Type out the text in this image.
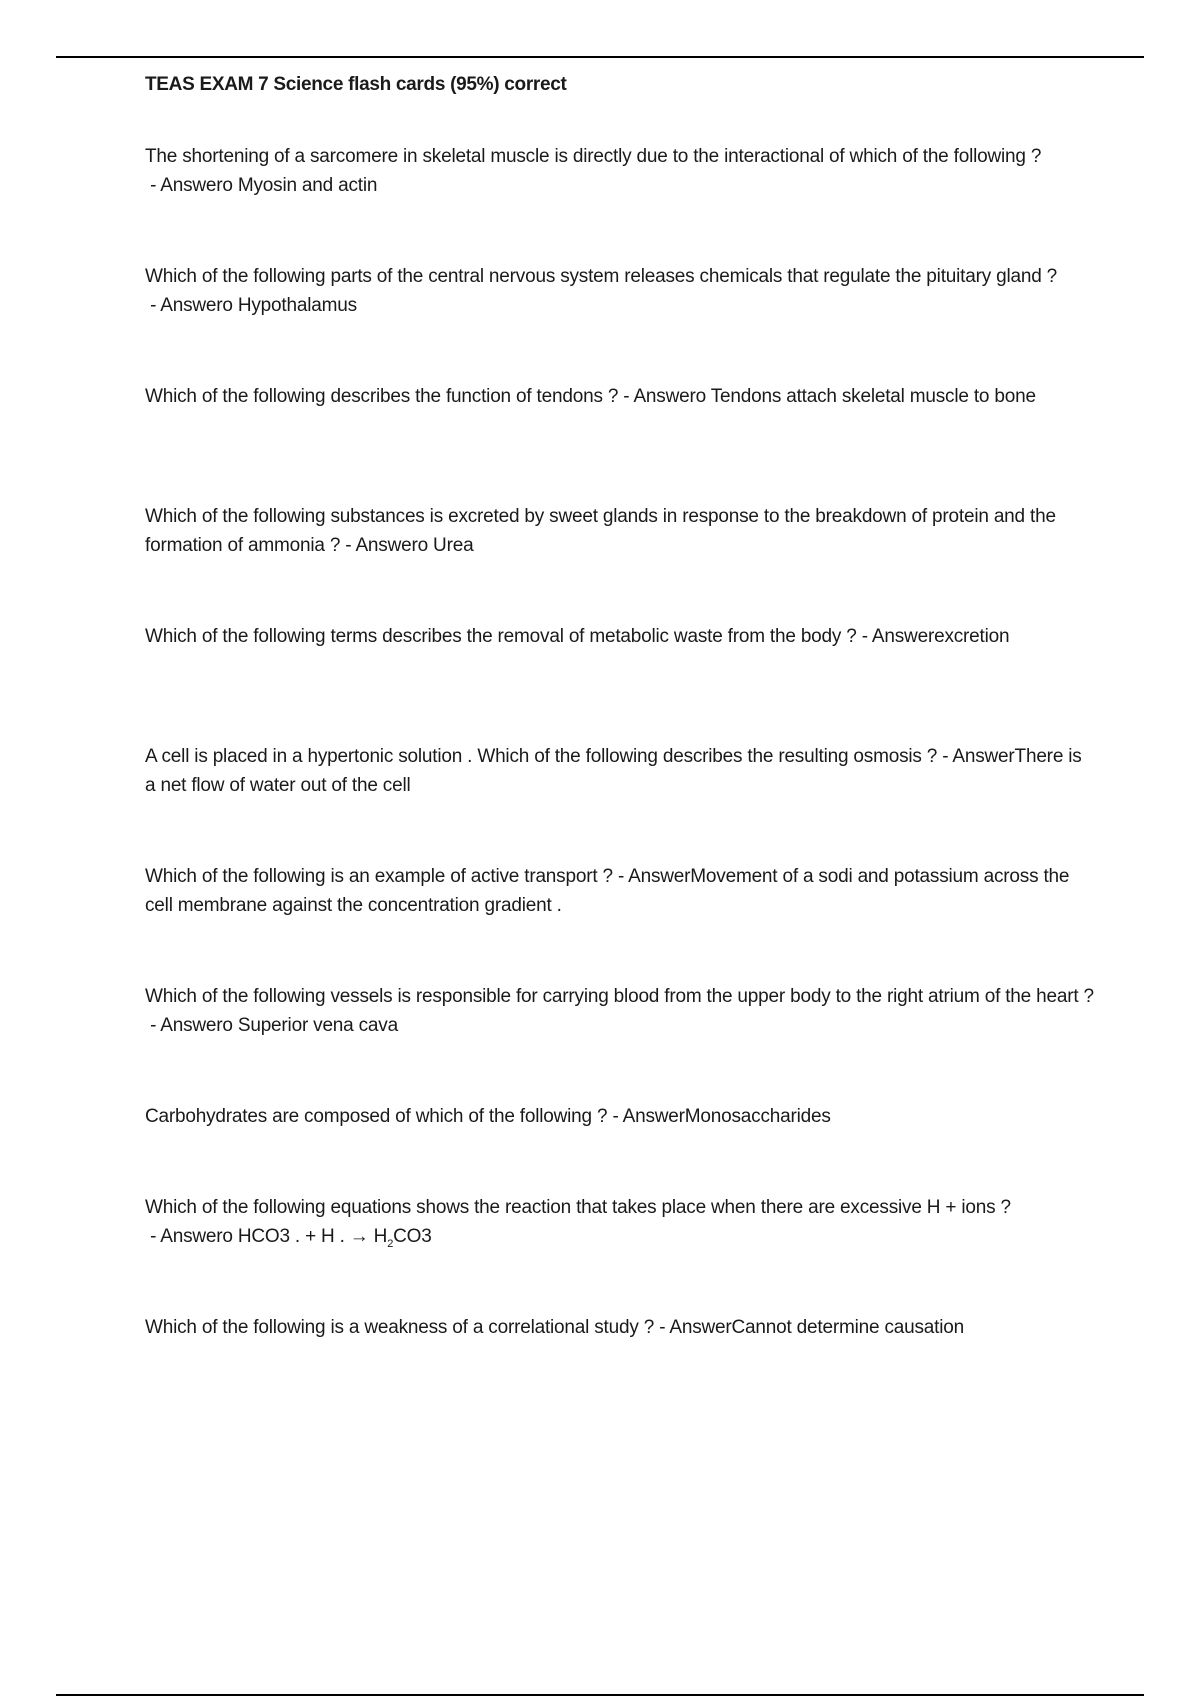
TEAS EXAM 7 Science flash cards (95%) correct
The shortening of a sarcomere in skeletal muscle is directly due to the interactional of which of the following ? - Answero Myosin and actin
Which of the following parts of the central nervous system releases chemicals that regulate the pituitary gland ? - Answero Hypothalamus
Which of the following describes the function of tendons ? - Answero Tendons attach skeletal muscle to bone
Which of the following substances is excreted by sweet glands in response to the breakdown of protein and the formation of ammonia ? - Answero Urea
Which of the following terms describes the removal of metabolic waste from the body ? - Answerexcretion
A cell is placed in a hypertonic solution . Which of the following describes the resulting osmosis ? - AnswerThere is a net flow of water out of the cell
Which of the following is an example of active transport ? - AnswerMovement of a sodi and potassium across the cell membrane against the concentration gradient .
Which of the following vessels is responsible for carrying blood from the upper body to the right atrium of the heart ? - Answero Superior vena cava
Carbohydrates are composed of which of the following ? - AnswerMonosaccharides
Which of the following equations shows the reaction that takes place when there are excessive H + ions ? - Answero HCO3 . + H . → $H_2CO3$
Which of the following is a weakness of a correlational study ? - AnswerCannot determine causation
